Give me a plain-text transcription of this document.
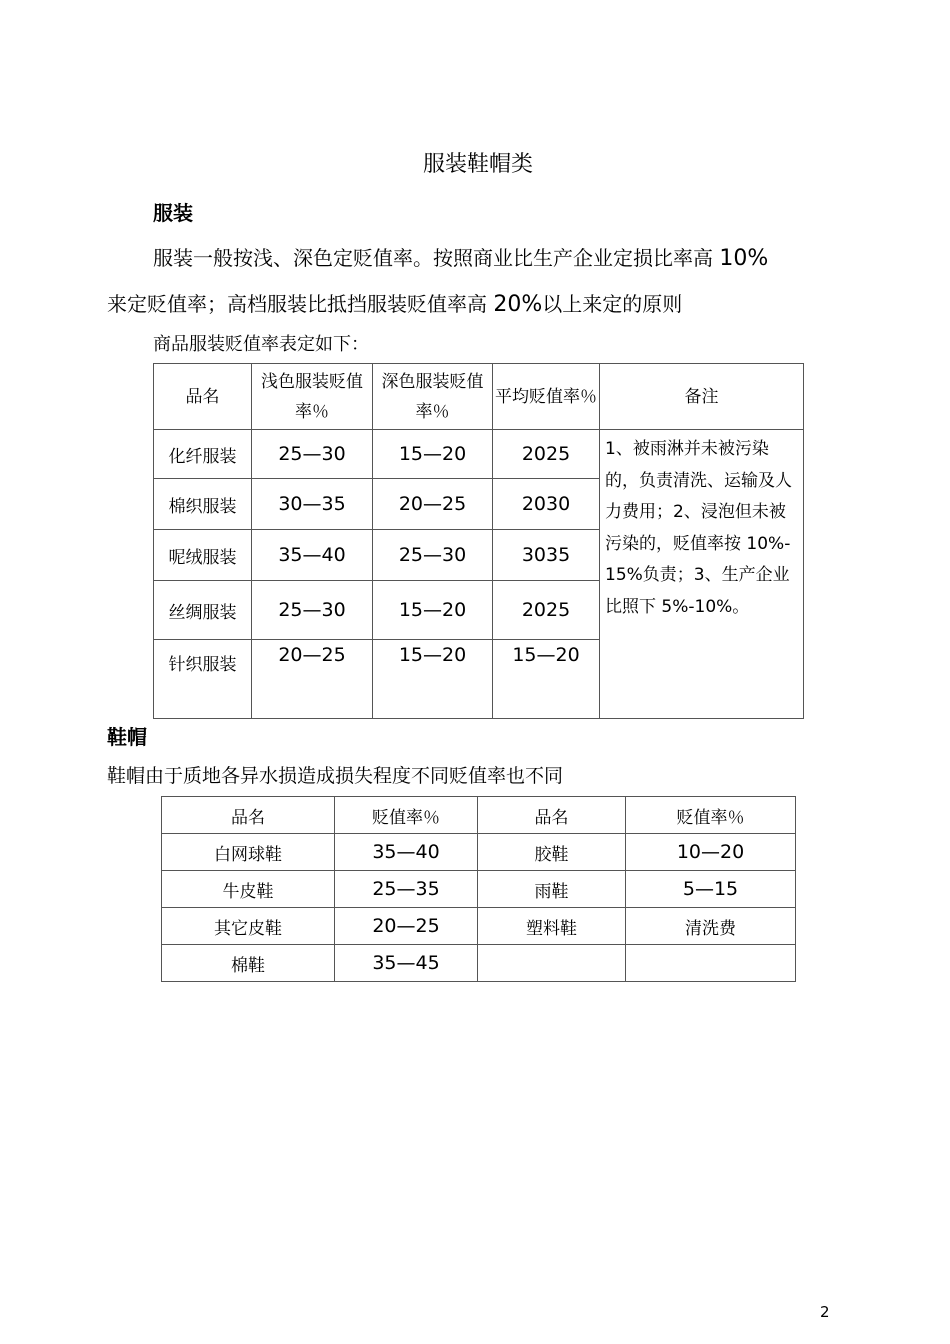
服装鞋帽类
服装
服装一般按浅、深色定贬值率。按照商业比生产企业定损比率高 10%
来定贬值率；高档服装比抵挡服装贬值率高 20%以上来定的原则
商品服装贬值率表定如下：
品名	浅色服装贬值率％	深色服装贬值率％	平均贬值率％	备注
化纤服装	25—30	15—20	2025	1、被雨淋并未被污染的，负责清洗、运输及人力费用；2、浸泡但未被污染的，贬值率按 10%-15%负责；3、生产企业比照下 5%-10%。
棉织服装	30—35	20—25	2030	
呢绒服装	35—40	25—30	3035	
丝绸服装	25—30	15—20	2025	
针织服装	20—25	15—20	15—20	
鞋帽
鞋帽由于质地各异水损造成损失程度不同贬值率也不同
品名	贬值率％	品名	贬值率％
白网球鞋	35—40	胶鞋	10—20
牛皮鞋	25—35	雨鞋	5—15
其它皮鞋	20—25	塑料鞋	清洗费
棉鞋	35—45		
2
